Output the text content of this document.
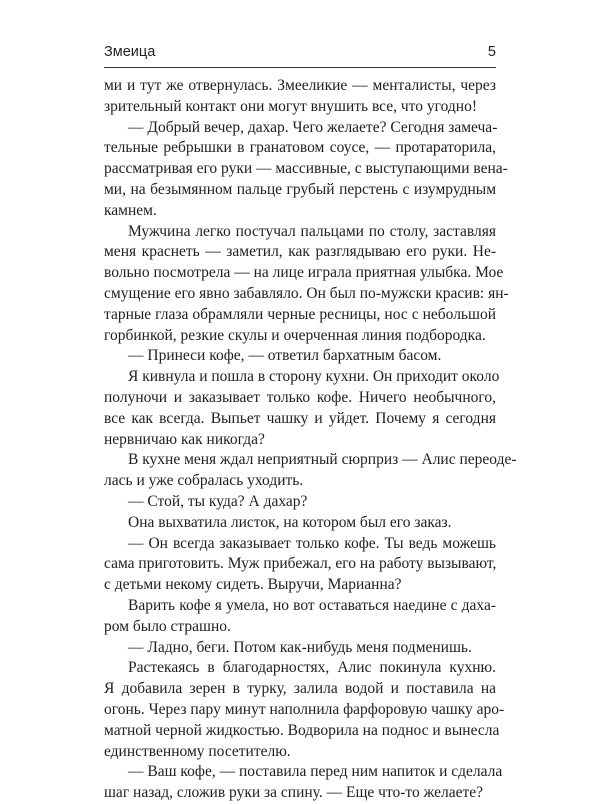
Змеица	5
ми и тут же отвернулась. Змееликие — менталисты, через
зрительный контакт они могут внушить все, что угодно!
— Добрый вечер, дахар. Чего желаете? Сегодня замеча-
тельные ребрышки в гранатовом соусе, — протараторила,
рассматривая его руки — массивные, с выступающими вена-
ми, на безымянном пальце грубый перстень с изумрудным
камнем.
Мужчина легко постучал пальцами по столу, заставляя
меня краснеть — заметил, как разглядываю его руки. Не-
вольно посмотрела — на лице играла приятная улыбка. Мое
смущение его явно забавляло. Он был по-мужски красив: ян-
тарные глаза обрамляли черные ресницы, нос с небольшой
горбинкой, резкие скулы и очерченная линия подбородка.
— Принеси кофе, — ответил бархатным басом.
Я кивнула и пошла в сторону кухни. Он приходит около
полуночи и заказывает только кофе. Ничего необычного,
все как всегда. Выпьет чашку и уйдет. Почему я сегодня
нервничаю как никогда?
В кухне меня ждал неприятный сюрприз — Алис переоде-
лась и уже собралась уходить.
— Стой, ты куда? А дахар?
Она выхватила листок, на котором был его заказ.
— Он всегда заказывает только кофе. Ты ведь можешь
сама приготовить. Муж прибежал, его на работу вызывают,
с детьми некому сидеть. Выручи, Марианна?
Варить кофе я умела, но вот оставаться наедине с даха-
ром было страшно.
— Ладно, беги. Потом как-нибудь меня подменишь.
Растекаясь в благодарностях, Алис покинула кухню.
Я добавила зерен в турку, залила водой и поставила на
огонь. Через пару минут наполнила фарфоровую чашку аро-
матной черной жидкостью. Водворила на поднос и вынесла
единственному посетителю.
— Ваш кофе, — поставила перед ним напиток и сделала
шаг назад, сложив руки за спину. — Еще что-то желаете?
